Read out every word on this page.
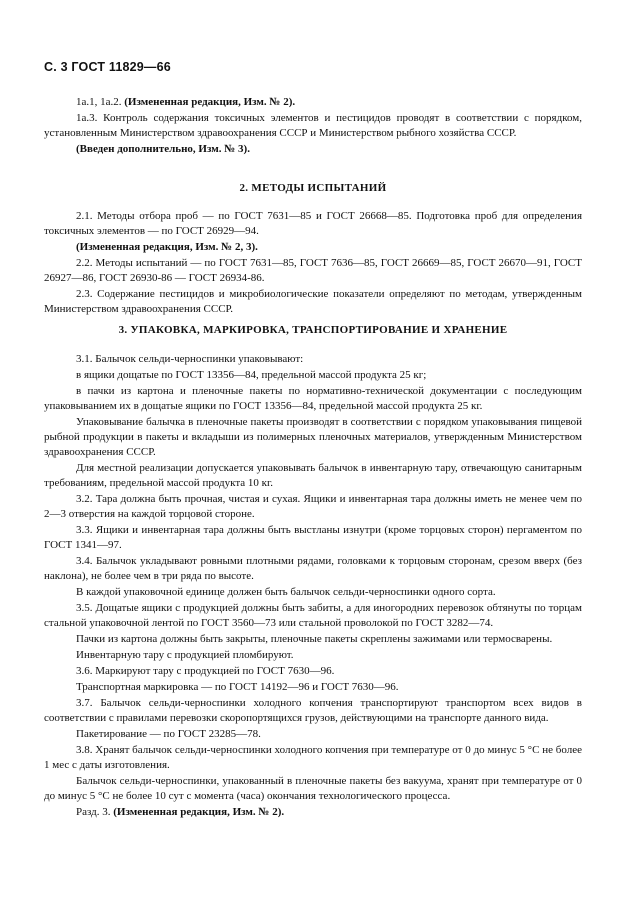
С. 3 ГОСТ 11829—66

1а.1, 1а.2. (Измененная редакция, Изм. № 2).

1а.3. Контроль содержания токсичных элементов и пестицидов проводят в соответствии с порядком, установленным Министерством здравоохранения СССР и Министерством рыбного хозяйства СССР.

(Введен дополнительно, Изм. № 3).

2. МЕТОДЫ ИСПЫТАНИЙ

2.1. Методы отбора проб — по ГОСТ 7631—85 и ГОСТ 26668—85. Подготовка проб для определения токсичных элементов — по ГОСТ 26929—94.

(Измененная редакция, Изм. № 2, 3).

2.2. Методы испытаний — по ГОСТ 7631—85, ГОСТ 7636—85, ГОСТ 26669—85, ГОСТ 26670—91, ГОСТ 26927—86, ГОСТ 26930-86 — ГОСТ 26934-86.

2.3. Содержание пестицидов и микробиологические показатели определяют по методам, утвержденным Министерством здравоохранения СССР.

3. УПАКОВКА, МАРКИРОВКА, ТРАНСПОРТИРОВАНИЕ И ХРАНЕНИЕ

3.1. Балычок сельди-черноспинки упаковывают:

в ящики дощатые по ГОСТ 13356—84, предельной массой продукта 25 кг;

в пачки из картона и пленочные пакеты по нормативно-технической документации с последующим упаковыванием их в дощатые ящики по ГОСТ 13356—84, предельной массой продукта 25 кг.

Упаковывание балычка в пленочные пакеты производят в соответствии с порядком упаковывания пищевой рыбной продукции в пакеты и вкладыши из полимерных пленочных материалов, утвержденным Министерством здравоохранения СССР.

Для местной реализации допускается упаковывать балычок в инвентарную тару, отвечающую санитарным требованиям, предельной массой продукта 10 кг.

3.2. Тара должна быть прочная, чистая и сухая. Ящики и инвентарная тара должны иметь не менее чем по 2—3 отверстия на каждой торцовой стороне.

3.3. Ящики и инвентарная тара должны быть выстланы изнутри (кроме торцовых сторон) пергаментом по ГОСТ 1341—97.

3.4. Балычок укладывают ровными плотными рядами, головками к торцовым сторонам, срезом вверх (без наклона), не более чем в три ряда по высоте.

В каждой упаковочной единице должен быть балычок сельди-черноспинки одного сорта.

3.5. Дощатые ящики с продукцией должны быть забиты, а для иногородних перевозок обтянуты по торцам стальной упаковочной лентой по ГОСТ 3560—73 или стальной проволокой по ГОСТ 3282—74.

Пачки из картона должны быть закрыты, пленочные пакеты скреплены зажимами или термосварены.

Инвентарную тару с продукцией пломбируют.

3.6. Маркируют тару с продукцией по ГОСТ 7630—96.

Транспортная маркировка — по ГОСТ 14192—96 и ГОСТ 7630—96.

3.7. Балычок сельди-черноспинки холодного копчения транспортируют транспортом всех видов в соответствии с правилами перевозки скоропортящихся грузов, действующими на транспорте данного вида.

Пакетирование — по ГОСТ 23285—78.

3.8. Хранят балычок сельди-черноспинки холодного копчения при температуре от 0 до минус 5 °С не более 1 мес с даты изготовления.

Балычок сельди-черноспинки, упакованный в пленочные пакеты без вакуума, хранят при температуре от 0 до минус 5 °С не более 10 сут с момента (часа) окончания технологического процесса.

Разд. 3. (Измененная редакция, Изм. № 2).
